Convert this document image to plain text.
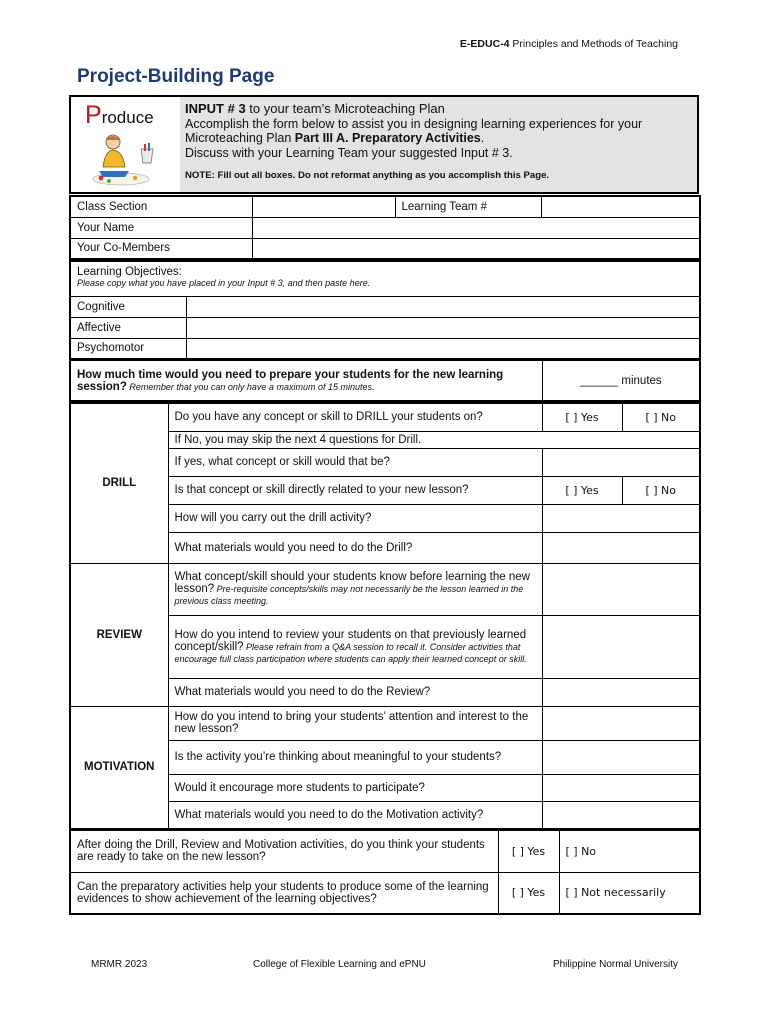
E-EDUC-4 Principles and Methods of Teaching
Project-Building Page
Produce INPUT # 3 to your team’s Microteaching Plan
Accomplish the form below to assist you in designing learning experiences for your Microteaching Plan Part III A. Preparatory Activities.
Discuss with your Learning Team your suggested Input # 3.
NOTE: Fill out all boxes. Do not reformat anything as you accomplish this Page.
Class Section		Learning Team #	
Your Name			
Your Co-Members			
Learning Objectives:
Please copy what you have placed in your Input # 3, and then paste here.	

Cognitive	
Affective	
Psychomotor	
How much time would you need to prepare your students for the new learning session? Remember that you can only have a maximum of 15 minutes.	______ minutes
DRILL	Do you have any concept or skill to DRILL your students on?	[ ] Yes	[ ] No
	If No, you may skip the next 4 questions for Drill.		
	If yes, what concept or skill would that be?		
	Is that concept or skill directly related to your new lesson?	[ ] Yes	[ ] No
	How will you carry out the drill activity?		
	What materials would you need to do the Drill?		
REVIEW	What concept/skill should your students know before learning the new lesson? Pre-requisite concepts/skills may not necessarily be the lesson learned in the previous class meeting.		
	How do you intend to review your students on that previously learned concept/skill? Please refrain from a Q&A session to recall it. Consider activities that encourage full class participation where students can apply their learned concept or skill.		
	What materials would you need to do the Review?		
MOTIVATION	How do you intend to bring your students’ attention and interest to the new lesson?		
	Is the activity you’re thinking about meaningful to your students?		
	Would it encourage more students to participate?		
	What materials would you need to do the Motivation activity?		
After doing the Drill, Review and Motivation activities, do you think your students are ready to take on the new lesson?	[ ] Yes	[ ] No
Can the preparatory activities help your students to produce some of the learning evidences to show achievement of the learning objectives?	[ ] Yes	[ ] Not necessarily
MRMR 2023	College of Flexible Learning and ePNU	Philippine Normal University
